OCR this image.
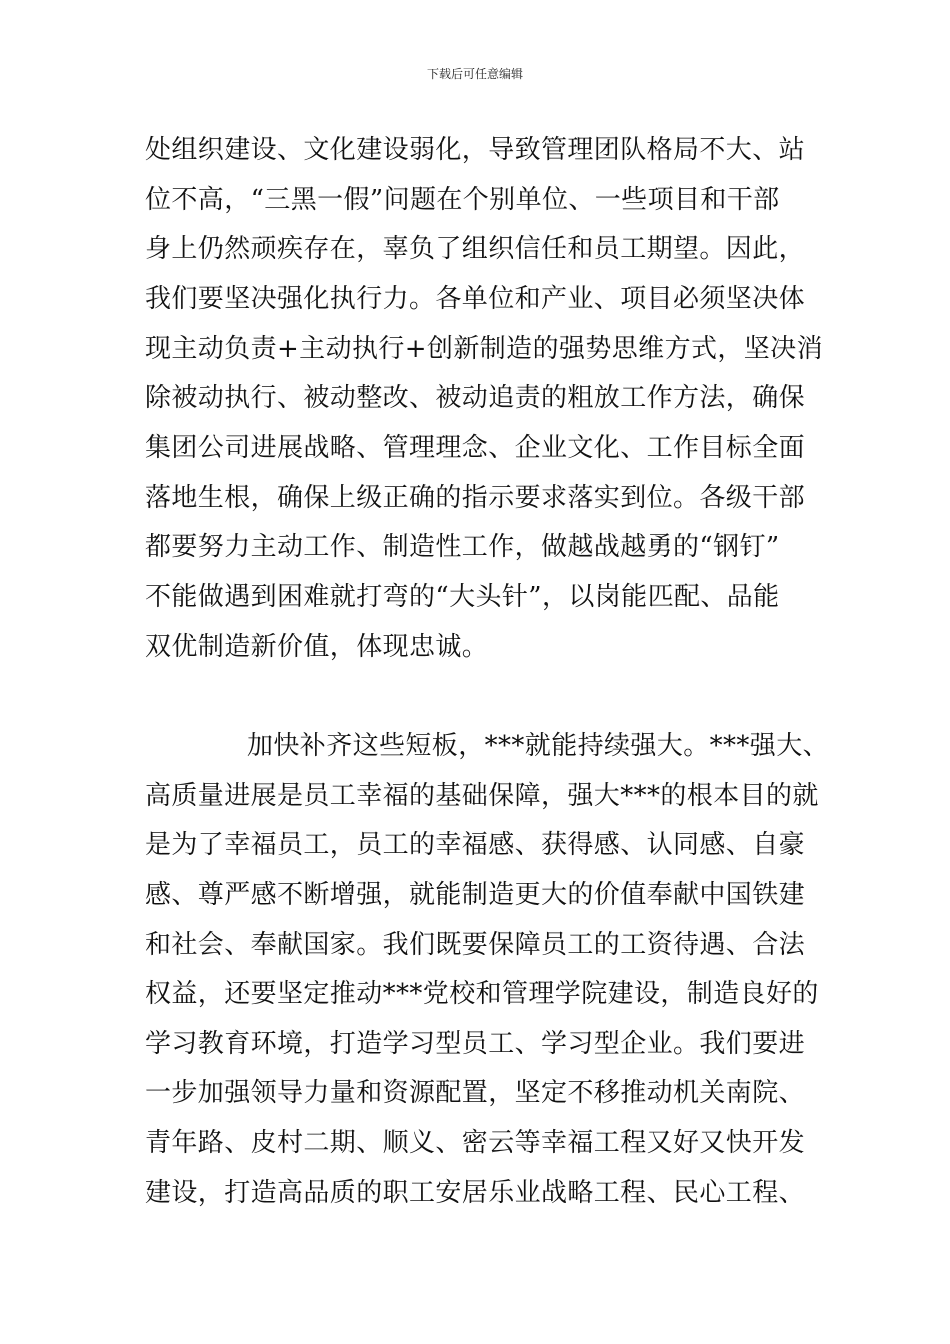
下载后可任意编辑
处组织建设、文化建设弱化，导致管理团队格局不大、站
位不高，“三黑一假”问题在个别单位、一些项目和干部
身上仍然顽疾存在，辜负了组织信任和员工期望。因此，
我们要坚决强化执行力。各单位和产业、项目必须坚决体
现主动负责+主动执行+创新制造的强势思维方式，坚决消
除被动执行、被动整改、被动追责的粗放工作方法，确保
集团公司进展战略、管理理念、企业文化、工作目标全面
落地生根，确保上级正确的指示要求落实到位。各级干部
都要努力主动工作、制造性工作，做越战越勇的“钢钉”
不能做遇到困难就打弯的“大头针”，以岗能匹配、品能
双优制造新价值，体现忠诚。
加快补齐这些短板，***就能持续强大。***强大、
高质量进展是员工幸福的基础保障，强大***的根本目的就
是为了幸福员工，员工的幸福感、获得感、认同感、自豪
感、尊严感不断增强，就能制造更大的价值奉献中国铁建
和社会、奉献国家。我们既要保障员工的工资待遇、合法
权益，还要坚定推动***党校和管理学院建设，制造良好的
学习教育环境，打造学习型员工、学习型企业。我们要进
一步加强领导力量和资源配置，坚定不移推动机关南院、
青年路、皮村二期、顺义、密云等幸福工程又好又快开发
建设，打造高品质的职工安居乐业战略工程、民心工程、
